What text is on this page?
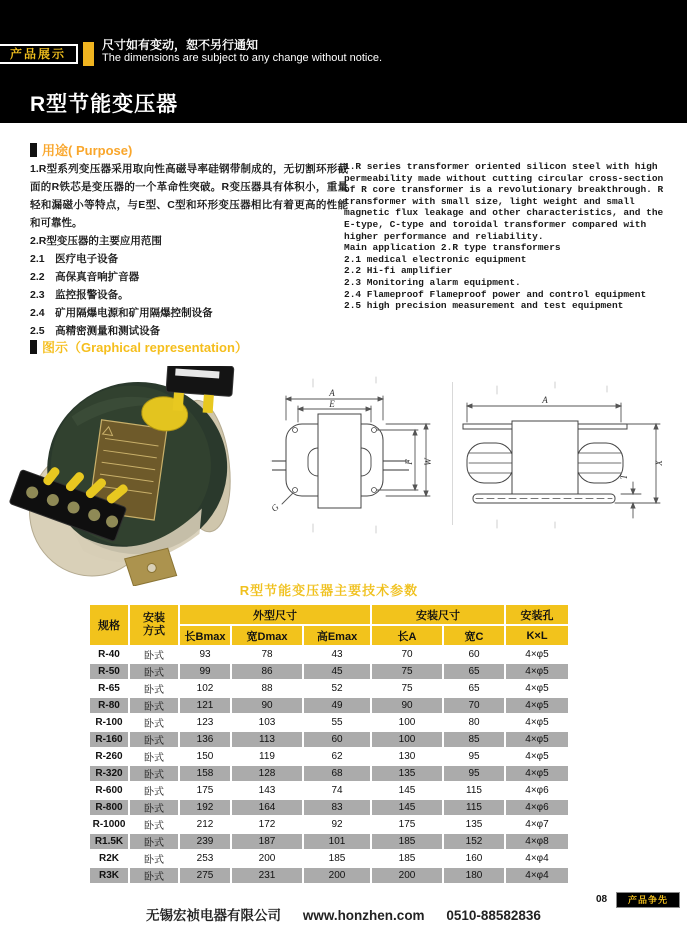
产品展示
尺寸如有变动，恕不另行通知
The dimensions are subject to any change without notice.
R型节能变压器
用途( Purpose)
1.R型系列变压器采用取向性高磁导率硅钢带制成的，无切割环形截面的R铁芯是变压器的一个革命性突破。R变压器具有体积小，重量轻和漏磁小等特点，与E型、C型和环形变压器相比有着更高的性能和可靠性。
2.R型变压器的主要应用范围
2.1　医疗电子设备
2.2　高保真音响扩音器
2.3　监控报警设备。
2.4　矿用隔爆电源和矿用隔爆控制设备
2.5　高精密测量和测试设备
1.R series transformer oriented silicon steel with high permeability made without cutting circular cross-section of R core transformer is a revolutionary breakthrough. R transformer with small size, light weight and small magnetic flux leakage and other characteristics, and the E-type, C-type and toroidal transformer compared with higher performance and reliability.
Main application 2.R type transformers
2.1 medical electronic equipment
2.2 Hi-fi amplifier
2.3 Monitoring alarm equipment.
2.4 Flameproof Flameproof power and control equipment
2.5 high precision measurement and test equipment
图示（Graphical representation）
A
E
F W
G
A
X
T
R型节能变压器主要技术参数
规格	安装方式	外型尺寸			安装尺寸		安装孔
		长Bmax	宽Dmax	高Emax	长A	宽C	K×L
R-40	卧式	93	78	43	70	60	4×φ5
R-50	卧式	99	86	45	75	65	4×φ5
R-65	卧式	102	88	52	75	65	4×φ5
R-80	卧式	121	90	49	90	70	4×φ5
R-100	卧式	123	103	55	100	80	4×φ5
R-160	卧式	136	113	60	100	85	4×φ5
R-260	卧式	150	119	62	130	95	4×φ5
R-320	卧式	158	128	68	135	95	4×φ5
R-600	卧式	175	143	74	145	115	4×φ6
R-800	卧式	192	164	83	145	115	4×φ6
R-1000	卧式	212	172	92	175	135	4×φ7
R1.5K	卧式	239	187	101	185	152	4×φ8
R2K	卧式	253	200	185	185	160	4×φ4
R3K	卧式	275	231	200	200	180	4×φ4
无锡宏祯电器有限公司 www.honzhen.com 0510-88582836
08	产品争先
